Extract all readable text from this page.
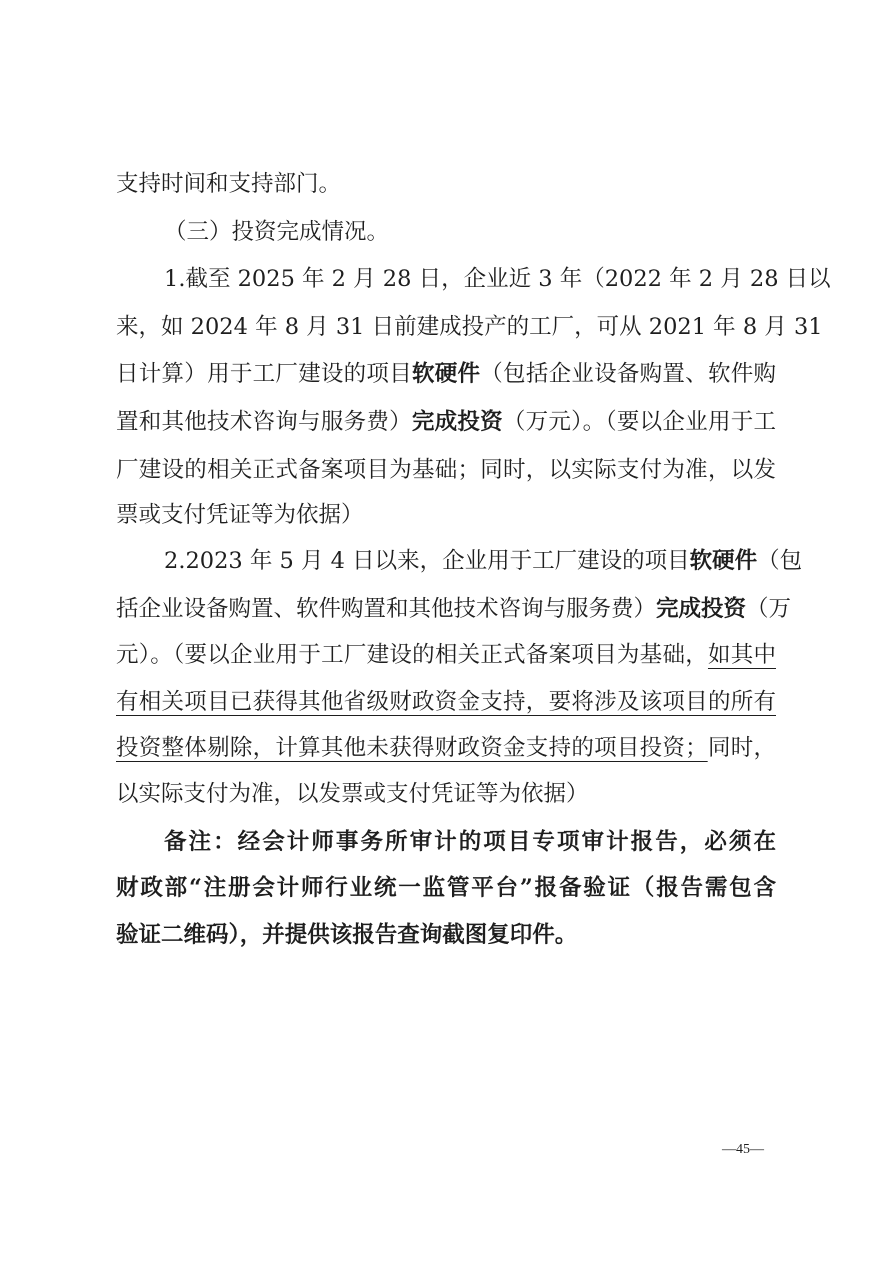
支持时间和支持部门。
（三）投资完成情况。
1.截至 2025 年 2 月 28 日，企业近 3 年（2022 年 2 月 28 日以
来，如 2024 年 8 月 31 日前建成投产的工厂，可从 2021 年 8 月 31
日计算）用于工厂建设的项目软硬件（包括企业设备购置、软件购
置和其他技术咨询与服务费）完成投资（万元）。（要以企业用于工
厂建设的相关正式备案项目为基础；同时，以实际支付为准，以发
票或支付凭证等为依据）
2.2023 年 5 月 4 日以来，企业用于工厂建设的项目软硬件（包
括企业设备购置、软件购置和其他技术咨询与服务费）完成投资（万
元）。（要以企业用于工厂建设的相关正式备案项目为基础，如其中
有相关项目已获得其他省级财政资金支持，要将涉及该项目的所有
投资整体剔除，计算其他未获得财政资金支持的项目投资；同时，
以实际支付为准，以发票或支付凭证等为依据）
备注：经会计师事务所审计的项目专项审计报告，必须在
财政部“注册会计师行业统一监管平台”报备验证（报告需包含
验证二维码），并提供该报告查询截图复印件。
—45—
